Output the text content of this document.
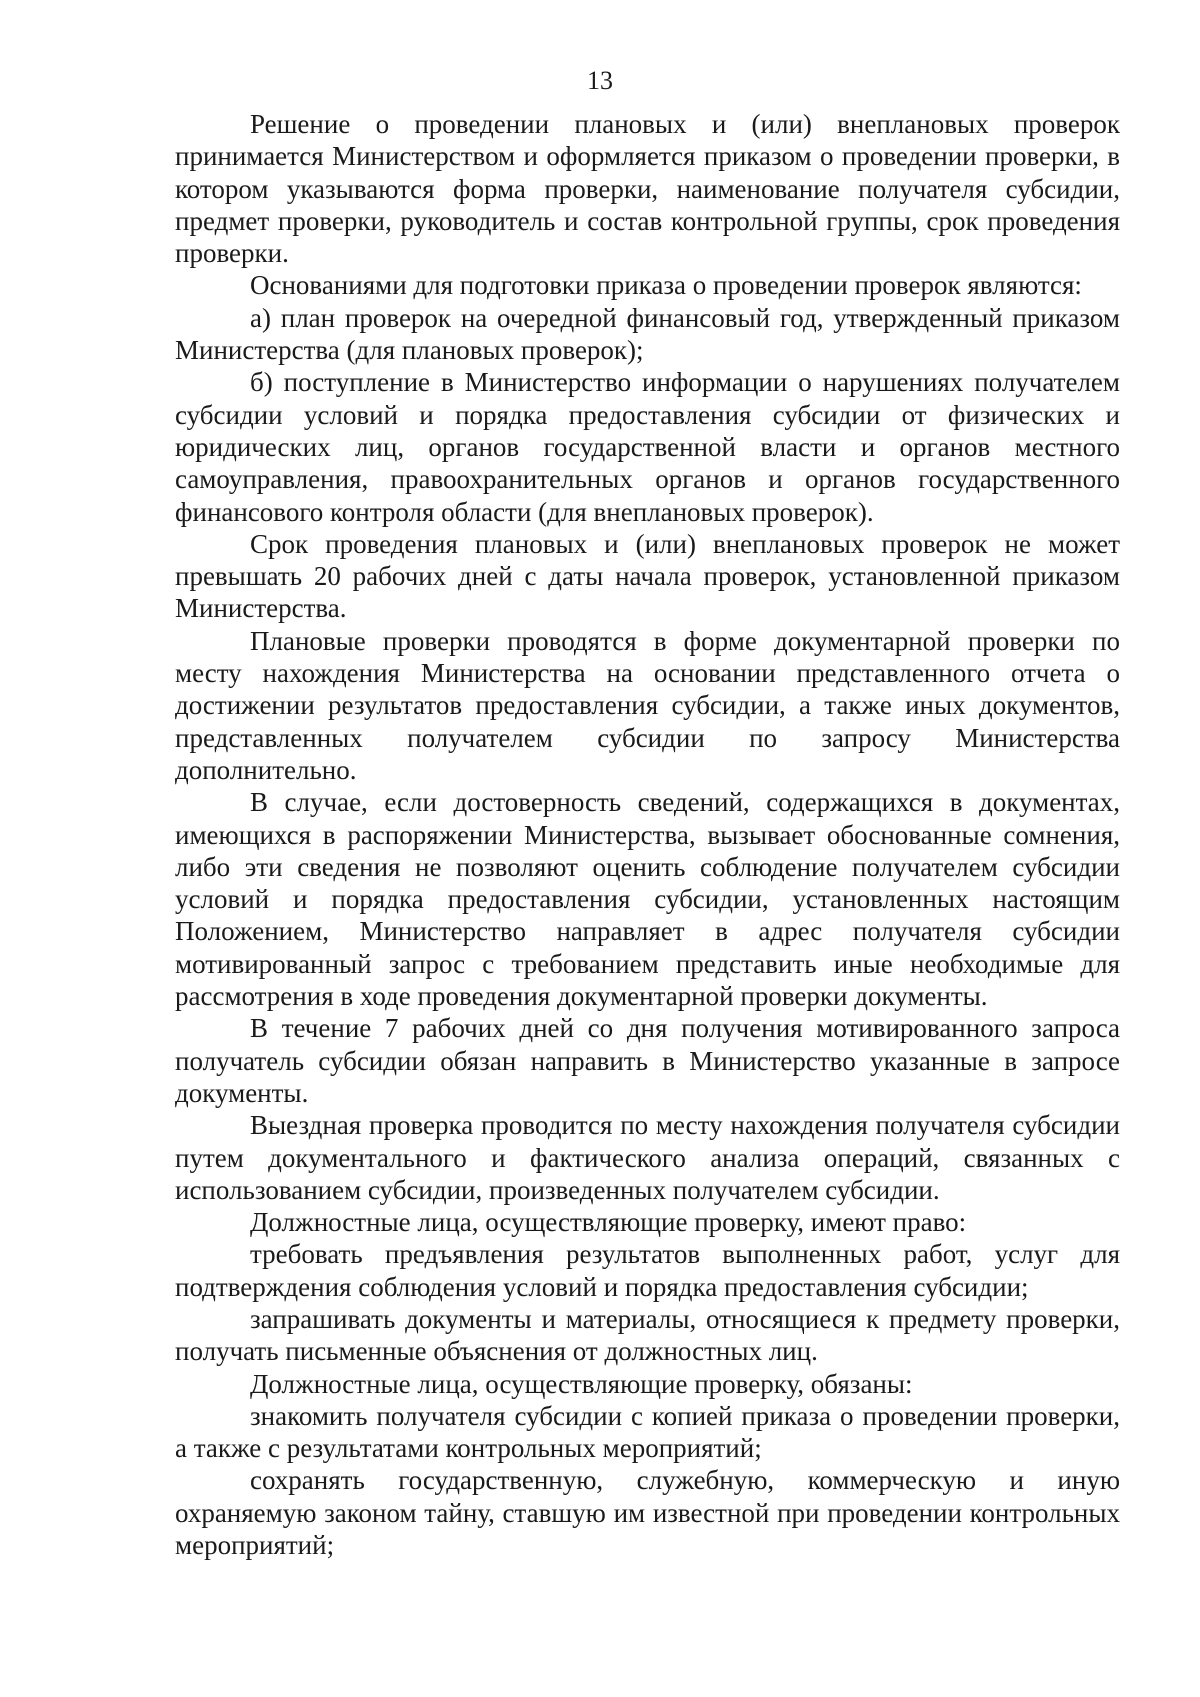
13

Решение о проведении плановых и (или) внеплановых проверок принимается Министерством и оформляется приказом о проведении проверки, в котором указываются форма проверки, наименование получателя субсидии, предмет проверки, руководитель и состав контрольной группы, срок проведения проверки.

Основаниями для подготовки приказа о проведении проверок являются:

а) план проверок на очередной финансовый год, утвержденный приказом Министерства (для плановых проверок);

б) поступление в Министерство информации о нарушениях получателем субсидии условий и порядка предоставления субсидии от физических и юридических лиц, органов государственной власти и органов местного самоуправления, правоохранительных органов и органов государственного финансового контроля области (для внеплановых проверок).

Срок проведения плановых и (или) внеплановых проверок не может превышать 20 рабочих дней с даты начала проверок, установленной приказом Министерства.

Плановые проверки проводятся в форме документарной проверки по месту нахождения Министерства на основании представленного отчета о достижении результатов предоставления субсидии, а также иных документов, представленных получателем субсидии по запросу Министерства дополнительно.

В случае, если достоверность сведений, содержащихся в документах, имеющихся в распоряжении Министерства, вызывает обоснованные сомнения, либо эти сведения не позволяют оценить соблюдение получателем субсидии условий и порядка предоставления субсидии, установленных настоящим Положением, Министерство направляет в адрес получателя субсидии мотивированный запрос с требованием представить иные необходимые для рассмотрения в ходе проведения документарной проверки документы.

В течение 7 рабочих дней со дня получения мотивированного запроса получатель субсидии обязан направить в Министерство указанные в запросе документы.

Выездная проверка проводится по месту нахождения получателя субсидии путем документального и фактического анализа операций, связанных с использованием субсидии, произведенных получателем субсидии.

Должностные лица, осуществляющие проверку, имеют право:

требовать предъявления результатов выполненных работ, услуг для подтверждения соблюдения условий и порядка предоставления субсидии;

запрашивать документы и материалы, относящиеся к предмету проверки, получать письменные объяснения от должностных лиц.

Должностные лица, осуществляющие проверку, обязаны:

знакомить получателя субсидии с копией приказа о проведении проверки, а также с результатами контрольных мероприятий;

сохранять государственную, служебную, коммерческую и иную охраняемую законом тайну, ставшую им известной при проведении контрольных мероприятий;
